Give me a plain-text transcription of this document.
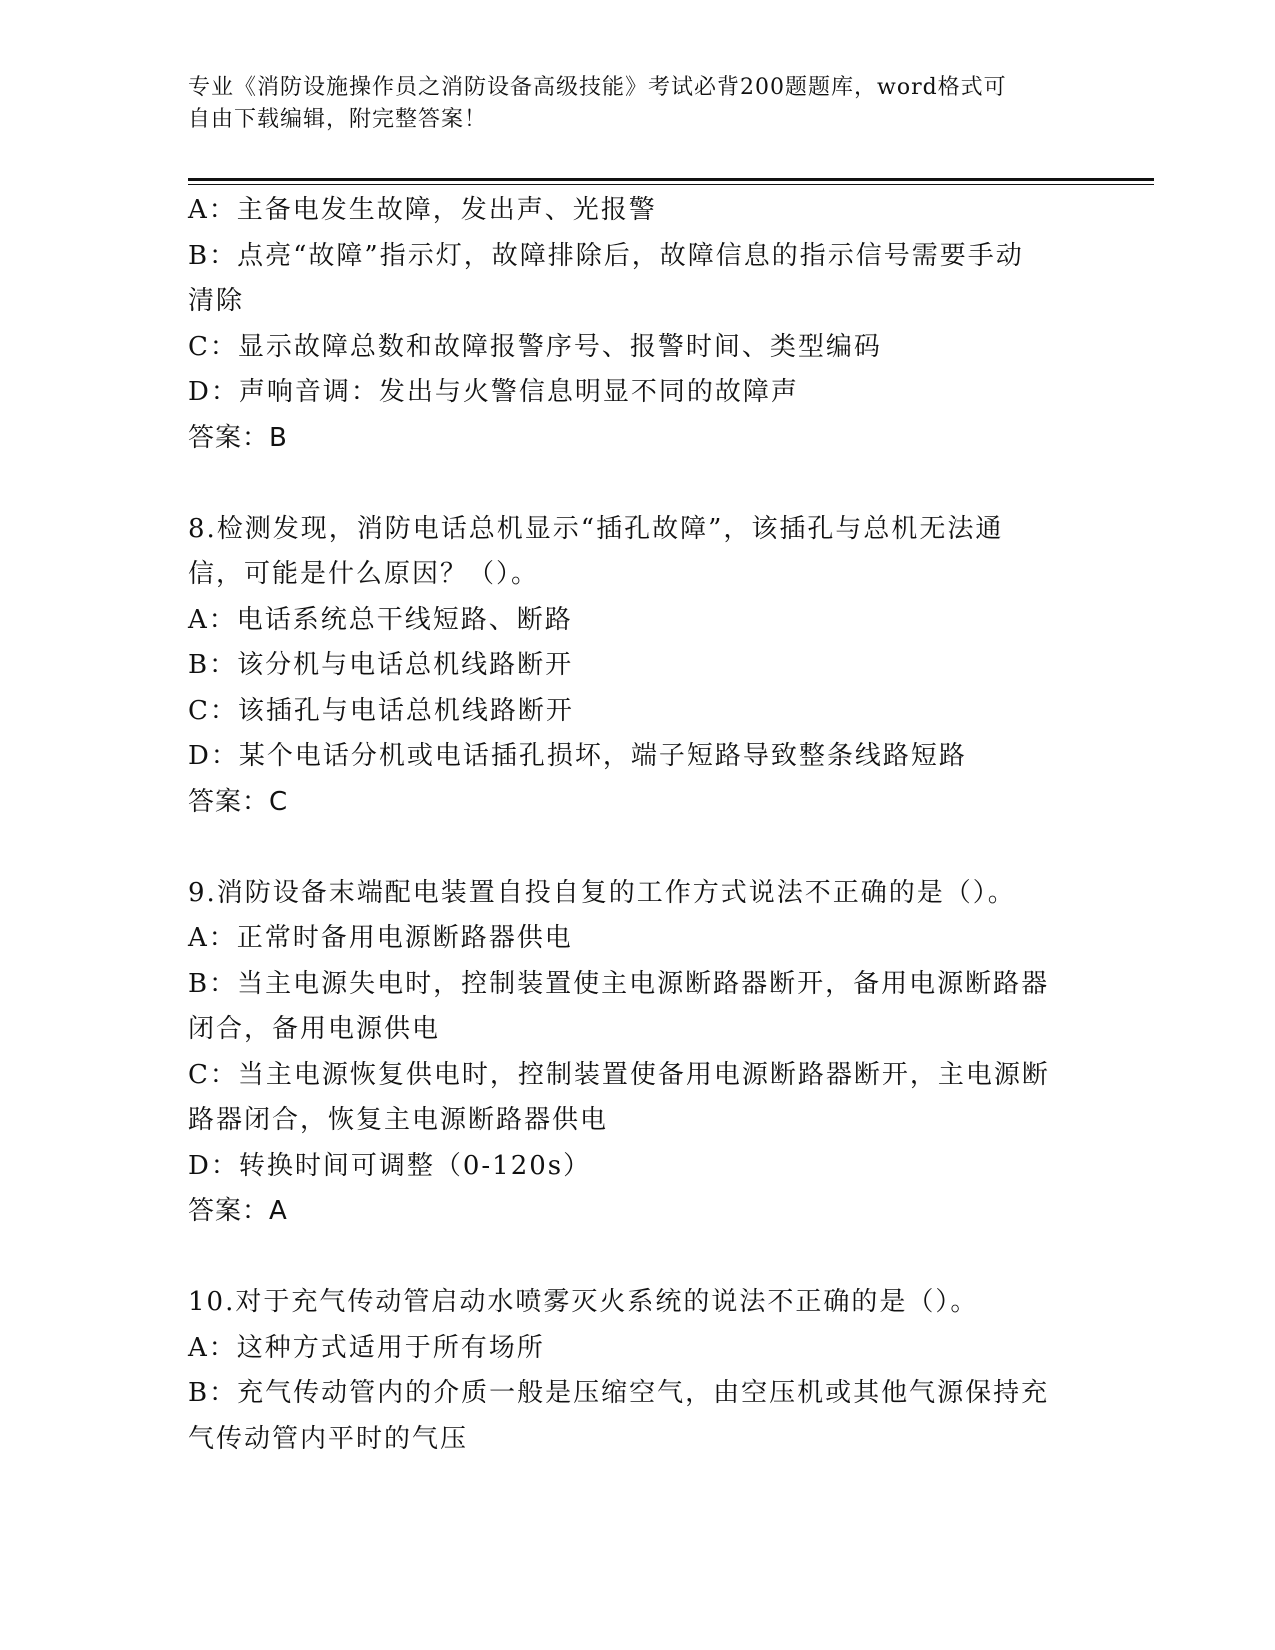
专业《消防设施操作员之消防设备高级技能》考试必背200题题库，word格式可
自由下载编辑，附完整答案！
A：主备电发生故障，发出声、光报警
B：点亮“故障”指示灯，故障排除后，故障信息的指示信号需要手动
清除
C：显示故障总数和故障报警序号、报警时间、类型编码
D：声响音调：发出与火警信息明显不同的故障声
答案：B
8.检测发现，消防电话总机显示“插孔故障”，该插孔与总机无法通
信，可能是什么原因？（）。
A：电话系统总干线短路、断路
B：该分机与电话总机线路断开
C：该插孔与电话总机线路断开
D：某个电话分机或电话插孔损坏，端子短路导致整条线路短路
答案：C
9.消防设备末端配电装置自投自复的工作方式说法不正确的是（）。
A：正常时备用电源断路器供电
B：当主电源失电时，控制装置使主电源断路器断开，备用电源断路器
闭合，备用电源供电
C：当主电源恢复供电时，控制装置使备用电源断路器断开，主电源断
路器闭合，恢复主电源断路器供电
D：转换时间可调整（0-120s）
答案：A
10.对于充气传动管启动水喷雾灭火系统的说法不正确的是（）。
A：这种方式适用于所有场所
B：充气传动管内的介质一般是压缩空气，由空压机或其他气源保持充
气传动管内平时的气压
